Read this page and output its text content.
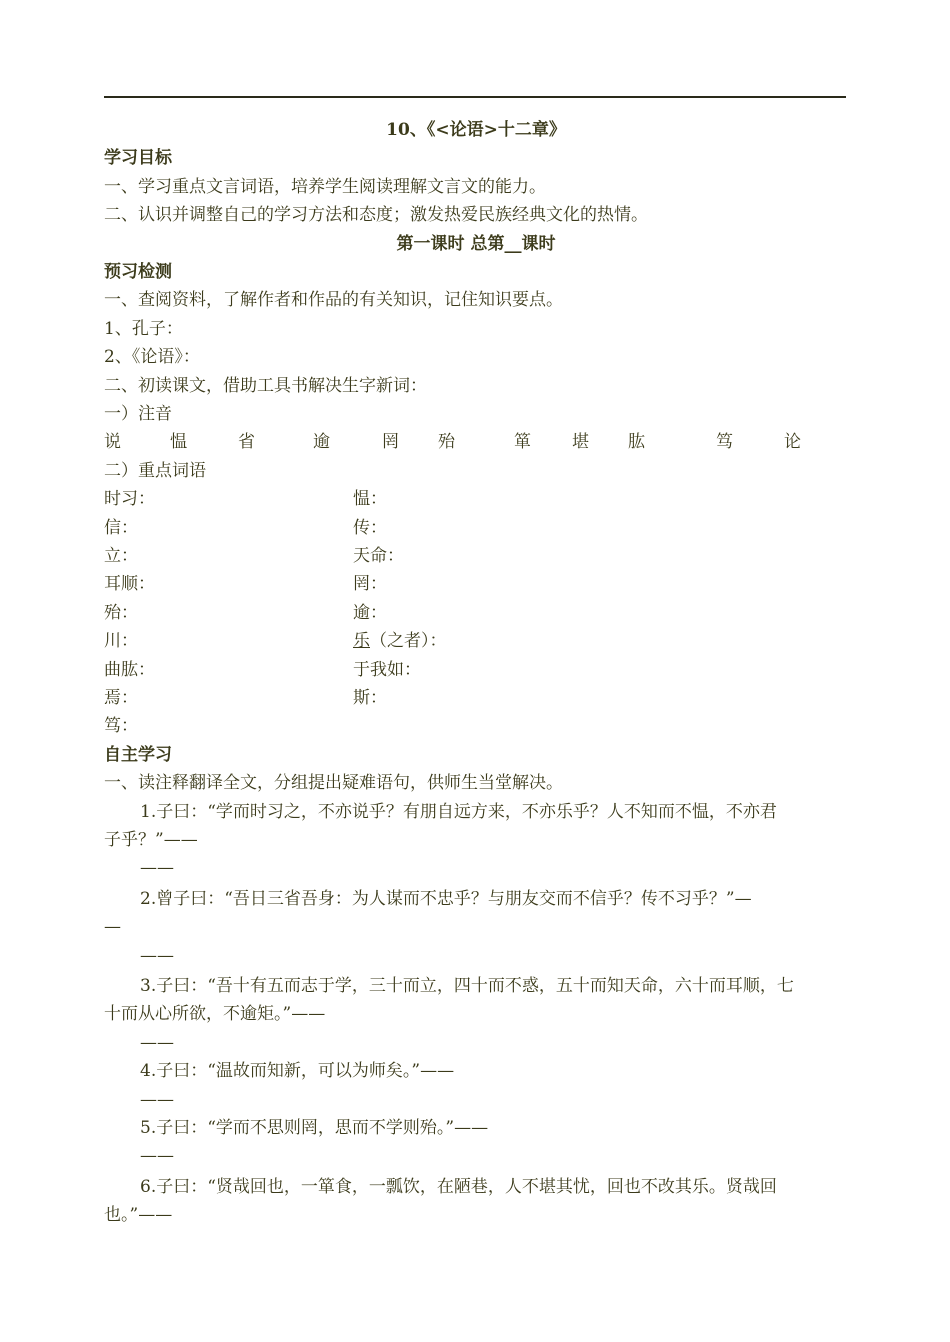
10、《<论语>十二章》
学习目标
一、学习重点文言词语，培养学生阅读理解文言文的能力。
二、认识并调整自己的学习方法和态度；激发热爱民族经典文化的热情。
第一课时 总第__课时
预习检测
一、查阅资料，了解作者和作品的有关知识，记住知识要点。
1、孔子：
2、《论语》：
二、初读课文，借助工具书解决生字新词：
一）注音
说	愠	省	逾	罔 殆	箪 堪 肱	笃	论
二）重点词语
时习：	愠：
信：	传：
立：	天命：
耳顺：	罔：
殆：	逾：
川：	乐（之者）：
曲肱：	于我如：
焉：	斯：
笃：
自主学习
一、读注释翻译全文，分组提出疑难语句，供师生当堂解决。
1.子曰：“学而时习之，不亦说乎？有朋自远方来，不亦乐乎？人不知而不愠，不亦君
子乎？”——
——
2.曾子曰：“吾日三省吾身：为人谋而不忠乎？与朋友交而不信乎？传不习乎？”—
—
——
3.子曰：“吾十有五而志于学，三十而立，四十而不惑，五十而知天命，六十而耳顺，七
十而从心所欲，不逾矩。”——
——
4.子曰：“温故而知新，可以为师矣。”——
——
5.子曰：“学而不思则罔，思而不学则殆。”——
——
6.子曰：“贤哉回也，一箪食，一瓢饮，在陋巷，人不堪其忧，回也不改其乐。贤哉回
也。”——
